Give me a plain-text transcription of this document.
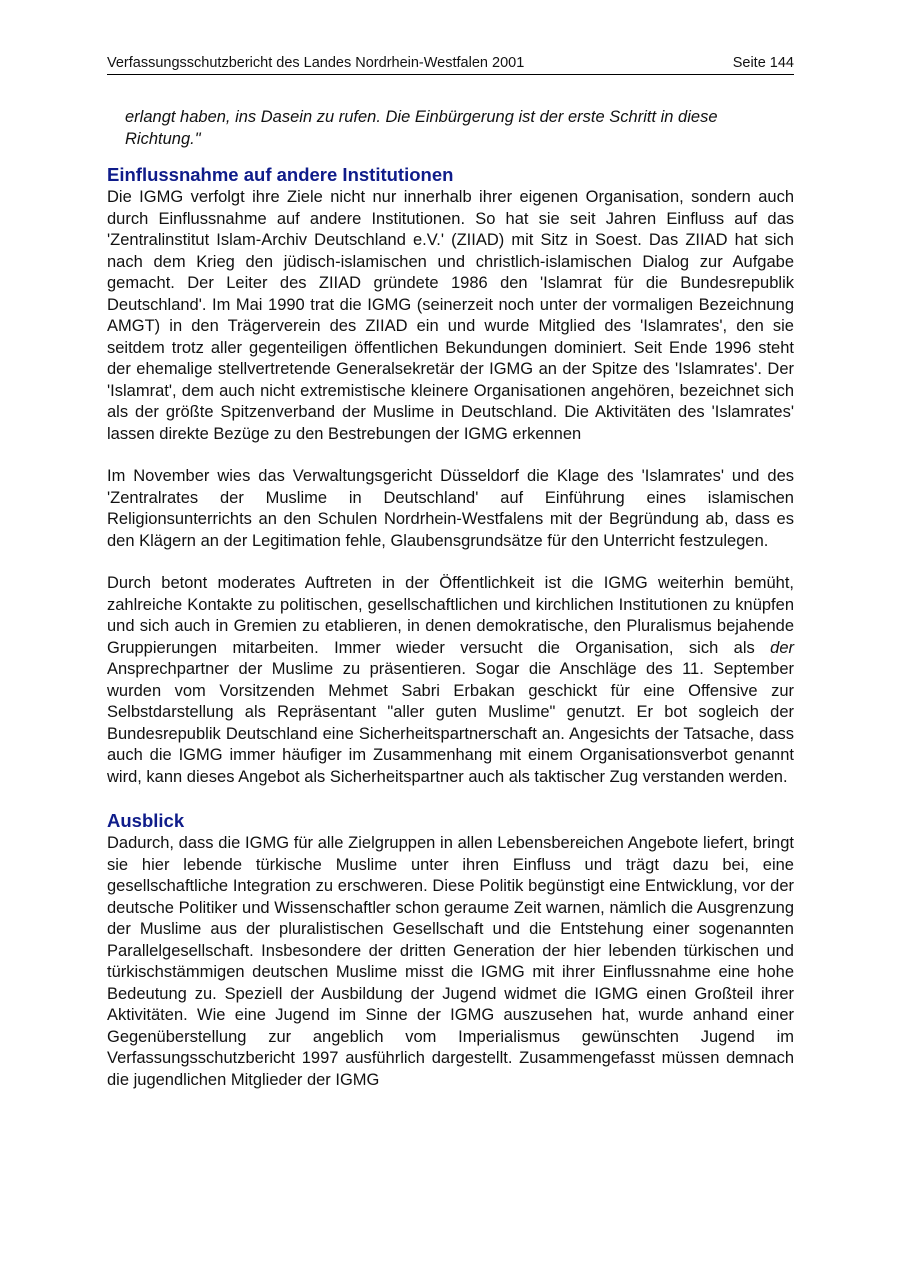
Verfassungsschutzbericht des Landes Nordrhein-Westfalen 2001	Seite 144

erlangt haben, ins Dasein zu rufen. Die Einbürgerung ist der erste Schritt in diese Richtung."

Einflussnahme auf andere Institutionen

Die IGMG verfolgt ihre Ziele nicht nur innerhalb ihrer eigenen Organisation, sondern auch durch Einflussnahme auf andere Institutionen. So hat sie seit Jahren Einfluss auf das 'Zentralinstitut Islam-Archiv Deutschland e.V.' (ZIIAD) mit Sitz in Soest. Das ZIIAD hat sich nach dem Krieg den jüdisch-islamischen und christlich-islamischen Dialog zur Aufgabe gemacht. Der Leiter des ZIIAD gründete 1986 den 'Islamrat für die Bundesrepublik Deutschland'. Im Mai 1990 trat die IGMG (seinerzeit noch unter der vormaligen Bezeichnung AMGT) in den Trägerverein des ZIIAD ein und wurde Mitglied des 'Islamrates', den sie seitdem trotz aller gegenteiligen öffentlichen Bekundungen dominiert. Seit Ende 1996 steht der ehemalige stellvertretende Generalsekretär der IGMG an der Spitze des 'Islamrates'. Der 'Islamrat', dem auch nicht extremistische kleinere Organisationen angehören, bezeichnet sich als der größte Spitzenverband der Muslime in Deutschland. Die Aktivitäten des 'Islamrates' lassen direkte Bezüge zu den Bestrebungen der IGMG erkennen

Im November wies das Verwaltungsgericht Düsseldorf die Klage des 'Islamrates' und des 'Zentralrates der Muslime in Deutschland' auf Einführung eines islamischen Religionsunterrichts an den Schulen Nordrhein-Westfalens mit der Begründung ab, dass es den Klägern an der Legitimation fehle, Glaubensgrundsätze für den Unterricht festzulegen.

Durch betont moderates Auftreten in der Öffentlichkeit ist die IGMG weiterhin bemüht, zahlreiche Kontakte zu politischen, gesellschaftlichen und kirchlichen Institutionen zu knüpfen und sich auch in Gremien zu etablieren, in denen demokratische, den Pluralismus bejahende Gruppierungen mitarbeiten. Immer wieder versucht die Organisation, sich als der Ansprechpartner der Muslime zu präsentieren. Sogar die Anschläge des 11. September wurden vom Vorsitzenden Mehmet Sabri Erbakan geschickt für eine Offensive zur Selbstdarstellung als Repräsentant "aller guten Muslime" genutzt. Er bot sogleich der Bundesrepublik Deutschland eine Sicherheitspartnerschaft an. Angesichts der Tatsache, dass auch die IGMG immer häufiger im Zusammenhang mit einem Organisationsverbot genannt wird, kann dieses Angebot als Sicherheitspartner auch als taktischer Zug verstanden werden.

Ausblick

Dadurch, dass die IGMG für alle Zielgruppen in allen Lebensbereichen Angebote liefert, bringt sie hier lebende türkische Muslime unter ihren Einfluss und trägt dazu bei, eine gesellschaftliche Integration zu erschweren. Diese Politik begünstigt eine Entwicklung, vor der deutsche Politiker und Wissenschaftler schon geraume Zeit warnen, nämlich die Ausgrenzung der Muslime aus der pluralistischen Gesellschaft und die Entstehung einer sogenannten Parallelgesellschaft. Insbesondere der dritten Generation der hier lebenden türkischen und türkischstämmigen deutschen Muslime misst die IGMG mit ihrer Einflussnahme eine hohe Bedeutung zu. Speziell der Ausbildung der Jugend widmet die IGMG einen Großteil ihrer Aktivitäten. Wie eine Jugend im Sinne der IGMG auszusehen hat, wurde anhand einer Gegenüberstellung zur angeblich vom Imperialismus gewünschten Jugend im Verfassungsschutzbericht 1997 ausführlich dargestellt. Zusammengefasst müssen demnach die jugendlichen Mitglieder der IGMG
